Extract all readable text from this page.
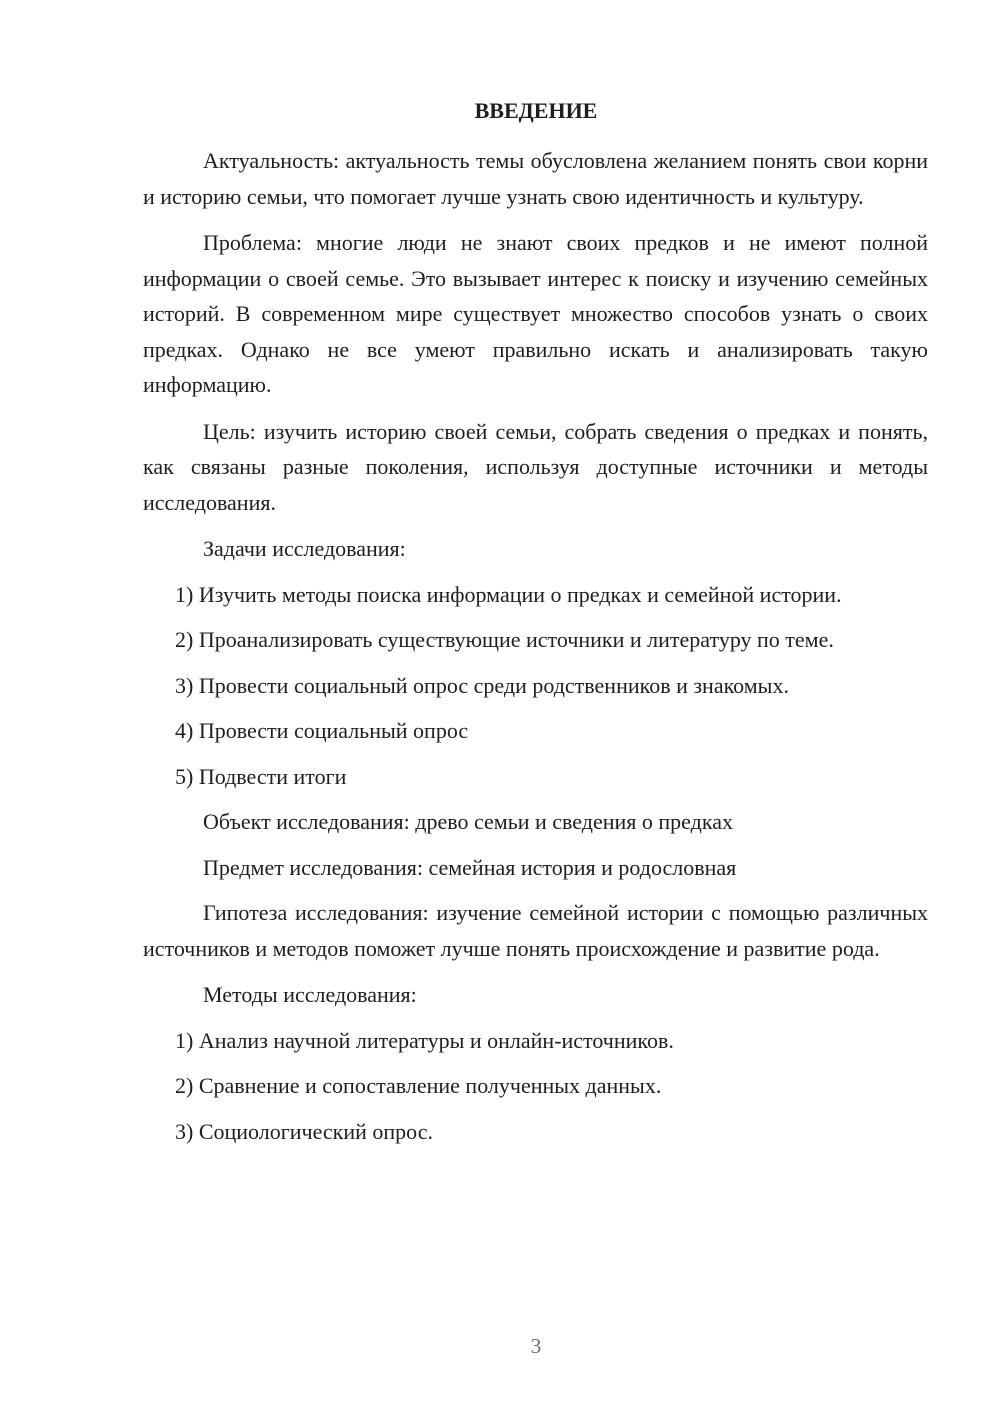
ВВЕДЕНИЕ

Актуальность: актуальность темы обусловлена желанием понять свои корни и историю семьи, что помогает лучше узнать свою идентичность и культуру.

Проблема: многие люди не знают своих предков и не имеют полной информации о своей семье. Это вызывает интерес к поиску и изучению семейных историй. В современном мире существует множество способов узнать о своих предках. Однако не все умеют правильно искать и анализировать такую информацию.

Цель: изучить историю своей семьи, собрать сведения о предках и понять, как связаны разные поколения, используя доступные источники и методы исследования.

Задачи исследования:

1) Изучить методы поиска информации о предках и семейной истории.

2) Проанализировать существующие источники и литературу по теме.

3) Провести социальный опрос среди родственников и знакомых.

4) Провести социальный опрос

5) Подвести итоги

Объект исследования: древо семьи и сведения о предках

Предмет исследования: семейная история и родословная

Гипотеза исследования: изучение семейной истории с помощью различных источников и методов поможет лучше понять происхождение и развитие рода.

Методы исследования:

1) Анализ научной литературы и онлайн-источников.

2) Сравнение и сопоставление полученных данных.

3) Социологический опрос.

3
